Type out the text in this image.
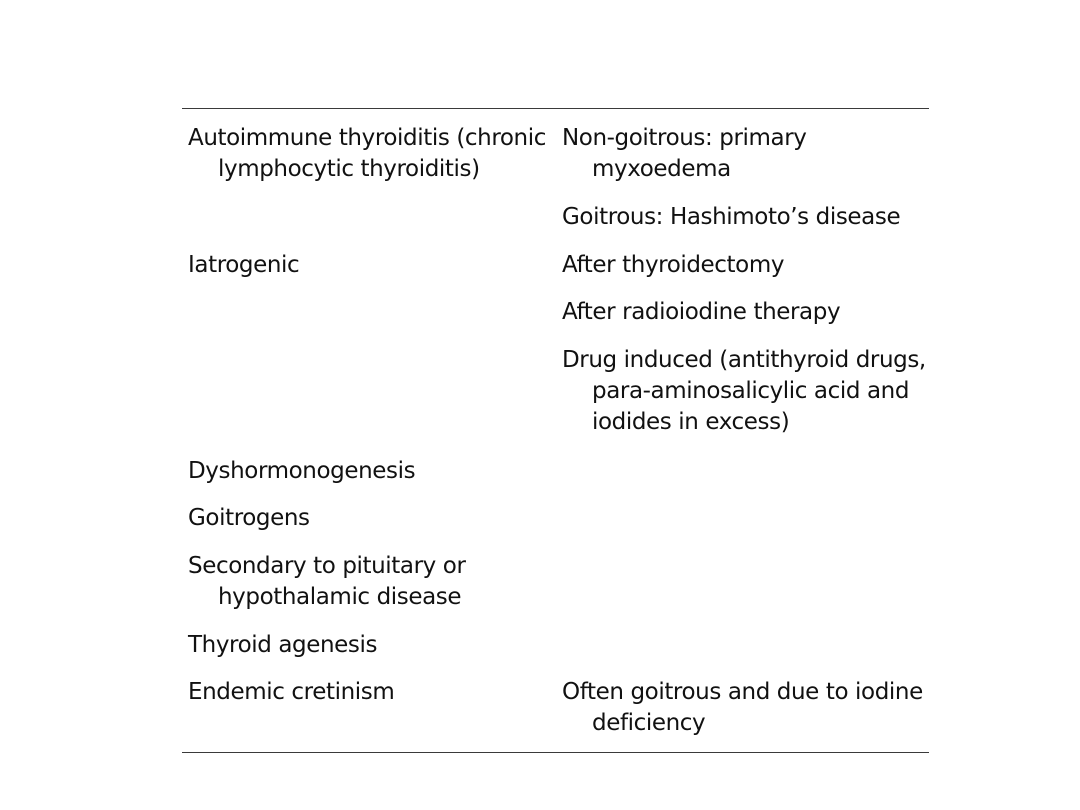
Autoimmune thyroiditis (chronic
lymphocytic thyroiditis)
Non-goitrous: primary
myxoedema
Goitrous: Hashimoto’s disease
Iatrogenic	After thyroidectomy
After radioiodine therapy
Drug induced (antithyroid drugs,
para-aminosalicylic acid and
iodides in excess)
Dyshormonogenesis
Goitrogens
Secondary to pituitary or
hypothalamic disease
Thyroid agenesis
Endemic cretinism	Often goitrous and due to iodine
deficiency
